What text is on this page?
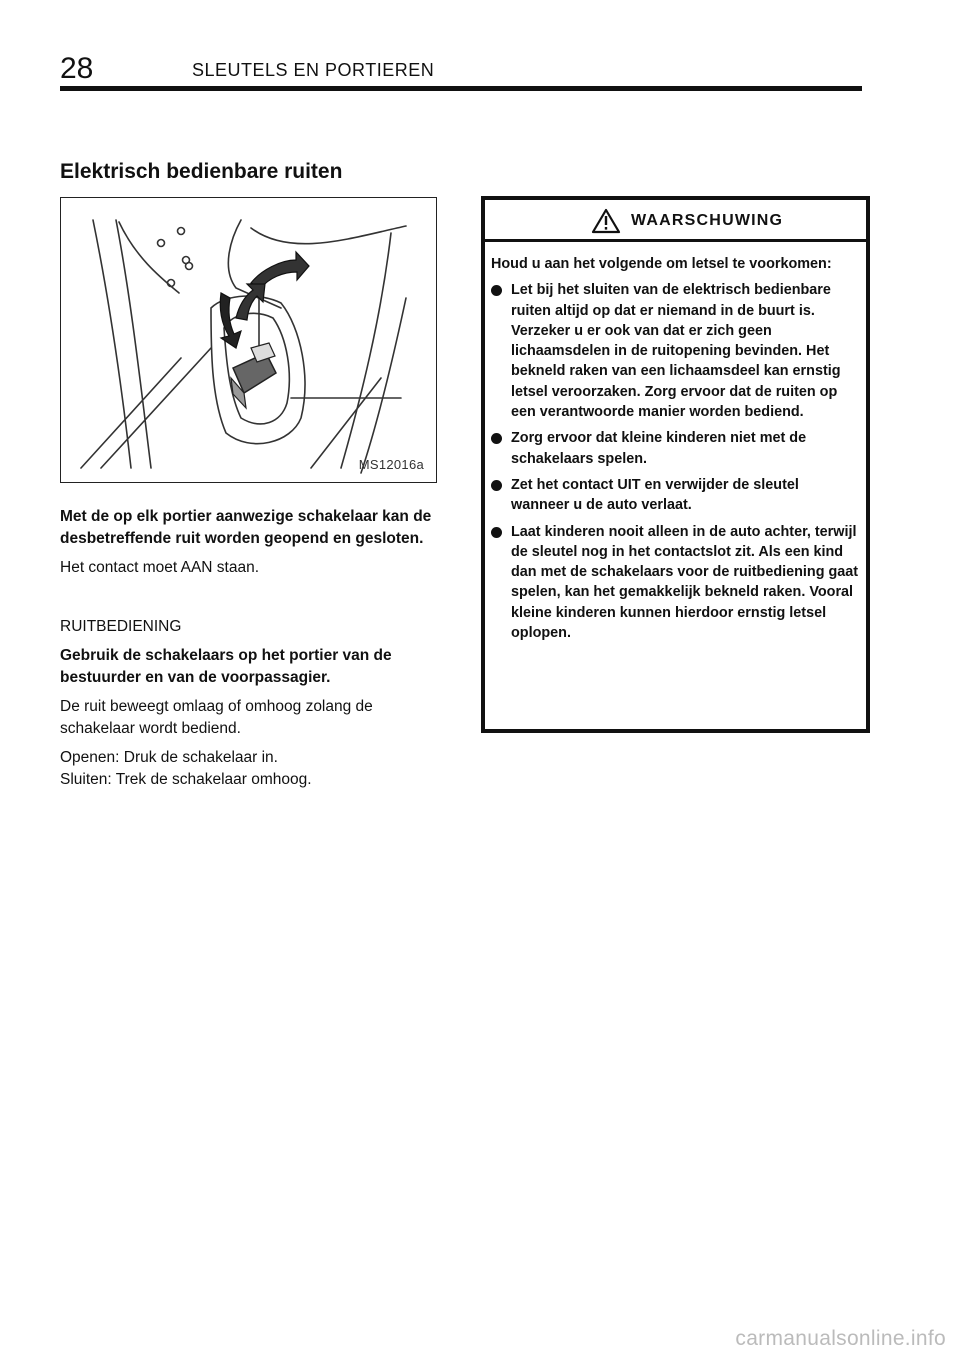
28	SLEUTELS EN PORTIEREN
Elektrisch bedienbare ruiten
MS12016a

Met de op elk portier aanwezige schakelaar kan de desbetreffende ruit worden geopend en gesloten.

Het contact moet AAN staan.

RUITBEDIENING

Gebruik de schakelaars op het portier van de bestuurder en van de voorpassagier.

De ruit beweegt omlaag of omhoog zolang de schakelaar wordt bediend.

Openen: Druk de schakelaar in.

Sluiten: Trek de schakelaar omhoog.

WAARSCHUWING

Houd u aan het volgende om letsel te voorkomen:

Let bij het sluiten van de elektrisch bedienbare ruiten altijd op dat er niemand in de buurt is. Verzeker u er ook van dat er zich geen lichaamsdelen in de ruitopening bevinden. Het bekneld raken van een lichaamsdeel kan ernstig letsel veroorzaken. Zorg ervoor dat de ruiten op een verantwoorde manier worden bediend.
Zorg ervoor dat kleine kinderen niet met de schakelaars spelen.
Zet het contact UIT en verwijder de sleutel wanneer u de auto verlaat.
Laat kinderen nooit alleen in de auto achter, terwijl de sleutel nog in het contactslot zit. Als een kind dan met de schakelaars voor de ruitbediening gaat spelen, kan het gemakkelijk bekneld raken. Vooral kleine kinderen kunnen hierdoor ernstig letsel oplopen.
carmanualsonline.info
